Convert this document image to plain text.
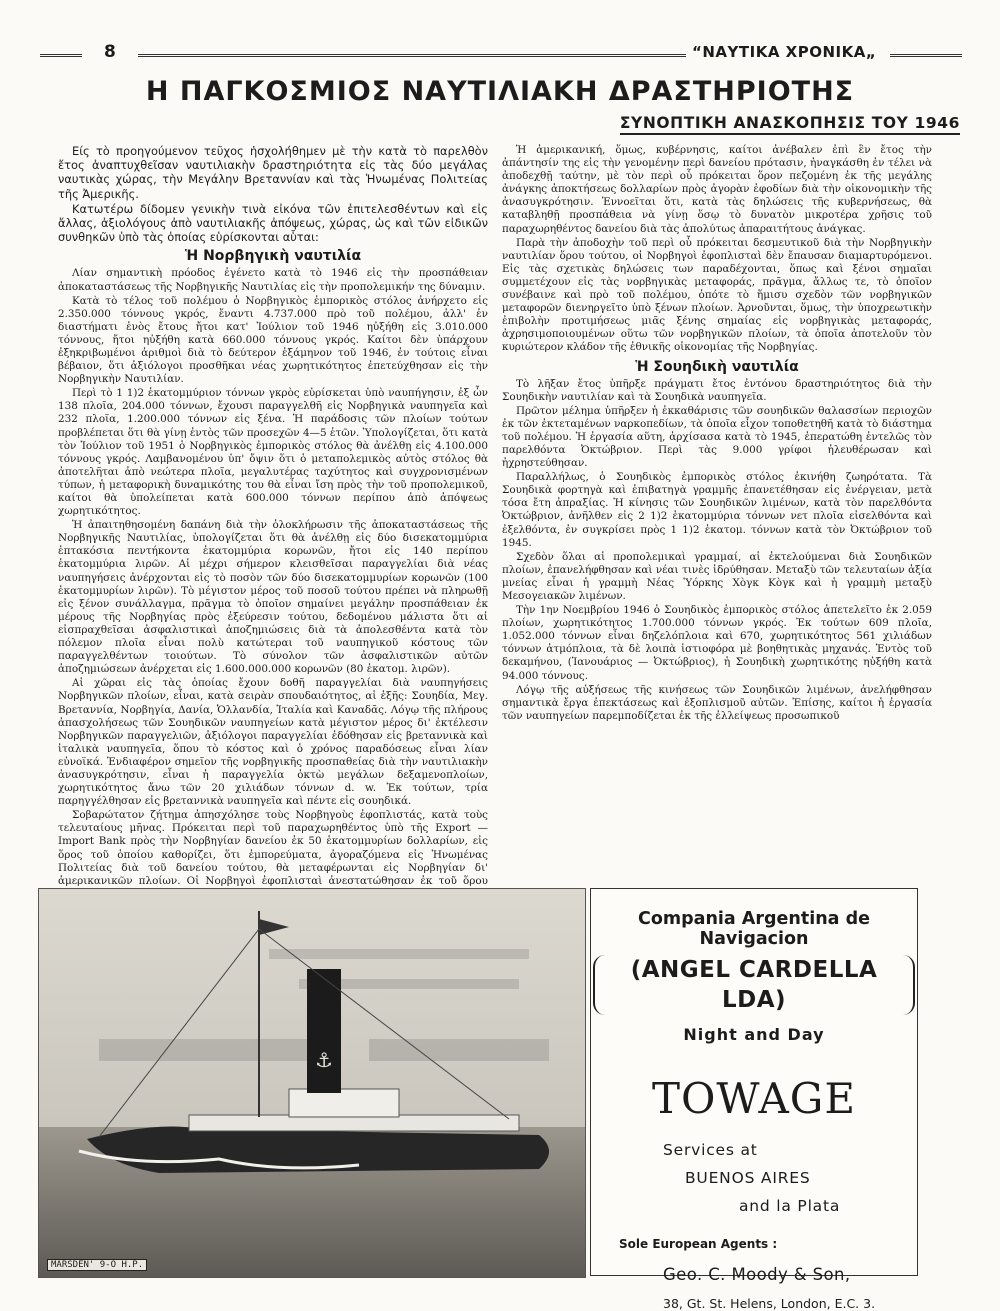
8	“ΝΑΥΤΙΚΑ ΧΡΟΝΙΚΑ„
Η ΠΑΓΚΟΣΜΙΟΣ ΝΑΥΤΙΛΙΑΚΗ ΔΡΑΣΤΗΡΙΟΤΗΣ
ΣΥΝΟΠΤΙΚΗ ΑΝΑΣΚΟΠΗΣΙΣ ΤΟΥ 1946

Είς τὸ προηγούμενον τεῦχος ἠσχολήθημεν μὲ τὴν κατὰ τὸ παρελθὸν ἔτος ἀναπτυχθεῖσαν ναυτιλιακὴν δραστηριότητα εἰς τὰς δύο μεγάλας ναυτικὰς χώρας, τὴν Μεγάλην Βρεταννίαν καὶ τὰς Ἡνωμένας Πολιτείας τῆς Ἀμερικῆς.

Κατωτέρω δίδομεν γενικὴν τινὰ εἰκόνα τῶν ἐπιτελεσθέντων καὶ εἰς ἄλλας, ἀξιολόγους ἀπὸ ναυτιλιακῆς ἀπόψεως, χώρας, ὡς καὶ τῶν εἰδικῶν συνθηκῶν ὑπὸ τὰς ὁποίας εὑρίσκονται αὗται:

Ἡ Νορβηγικὴ ναυτιλία

Λίαν σημαντικὴ πρόοδος ἐγένετο κατὰ τὸ 1946 εἰς τὴν προσπάθειαν ἀποκαταστάσεως τῆς Νορβηγικῆς Ναυτιλίας εἰς τὴν προπολεμικήν της δύναμιν.

Κατὰ τὸ τέλος τοῦ πολέμου ὁ Νορβηγικὸς ἐμπορικὸς στόλος ἀνήρχετο εἰς 2.350.000 τόννους γκρός, ἔναντι 4.737.000 πρὸ τοῦ πολέμου, ἀλλ' ἐν διαστήματι ἑνὸς ἔτους ἤτοι κατ' Ἰούλιον τοῦ 1946 ηὐξήθη εἰς 3.010.000 τόννους, ἤτοι ηὐξήθη κατὰ 660.000 τόννους γκρός. Καίτοι δὲν ὑπάρχουν ἐξηκριβωμένοι ἀριθμοὶ διὰ τὸ δεύτερον ἑξάμηνον τοῦ 1946, ἐν τούτοις εἶναι βέβαιον, ὅτι ἀξιόλογοι προσθῆκαι νέας χωρητικότητος ἐπετεύχθησαν εἰς τὴν Νορβηγικὴν Ναυτιλίαν.

Περὶ τὸ 1 1)2 ἑκατομμύριον τόννων γκρὸς εὑρίσκεται ὑπὸ ναυπήγησιν, ἐξ ὧν 138 πλοῖα, 204.000 τόννων, ἔχουσι παραγγελθῆ εἰς Νορβηγικὰ ναυπηγεῖα καὶ 232 πλοῖα, 1.200.000 τόννων εἰς ξένα. Ἡ παράδοσις τῶν πλοίων τούτων προβλέπεται ὅτι θὰ γίνῃ ἐντὸς τῶν προσεχῶν 4—5 ἐτῶν. Ὑπολογίζεται, ὅτι κατὰ τὸν Ἰούλιον τοῦ 1951 ὁ Νορβηγικὸς ἐμπορικὸς στόλος θὰ ἀνέλθῃ εἰς 4.100.000 τόννους γκρός. Λαμβανομένου ὑπ' ὄψιν ὅτι ὁ μεταπολεμικὸς αὐτὸς στόλος θὰ ἀποτελῆται ἀπὸ νεώτερα πλοῖα, μεγαλυτέρας ταχύτητος καὶ συγχρονισμένων τύπων, ἡ μεταφορικὴ δυναμικότης του θὰ εἶναι ἴση πρὸς τὴν τοῦ προπολεμικοῦ, καίτοι θὰ ὑπολείπεται κατὰ 600.000 τόννων περίπου ἀπὸ ἀπόψεως χωρητικότητος.

Ἡ ἀπαιτηθησομένη δαπάνη διὰ τὴν ὁλοκλήρωσιν τῆς ἀποκαταστάσεως τῆς Νορβηγικῆς Ναυτιλίας, ὑπολογίζεται ὅτι θὰ ἀνέλθῃ εἰς δύο δισεκατομμύρια ἑπτακόσια πεντήκοντα ἑκατομμύρια κορωνῶν, ἤτοι εἰς 140 περίπου ἑκατομμύρια λιρῶν. Αἱ μέχρι σήμερον κλεισθεῖσαι παραγγελίαι διὰ νέας ναυπηγήσεις ἀνέρχονται εἰς τὸ ποσὸν τῶν δύο δισεκατομμυρίων κορωνῶν (100 ἑκατομμυρίων λιρῶν). Τὸ μέγιστον μέρος τοῦ ποσοῦ τούτου πρέπει νὰ πληρωθῇ εἰς ξένον συνάλλαγμα, πρᾶγμα τὸ ὁποῖον σημαίνει μεγάλην προσπάθειαν ἐκ μέρους τῆς Νορβηγίας πρὸς ἐξεύρεσιν τούτου, δεδομένου μάλιστα ὅτι αἱ εἰσπραχθεῖσαι ἀσφαλιστικαὶ ἀποζημιώσεις διὰ τὰ ἀπολεσθέντα κατὰ τὸν πόλεμον πλοῖα εἶναι πολὺ κατώτεραι τοῦ ναυπηγικοῦ κόστους τῶν παραγγελθέντων τοιούτων. Τὸ σύνολον τῶν ἀσφαλιστικῶν αὐτῶν ἀποζημιώσεων ἀνέρχεται εἰς 1.600.000.000 κορωνῶν (80 ἑκατομ. λιρῶν).

Αἱ χῶραι εἰς τὰς ὁποίας ἔχουν δοθῆ παραγγελίαι διὰ ναυπηγήσεις Νορβηγικῶν πλοίων, εἶναι, κατὰ σειρὰν σπουδαιότητος, αἱ ἑξῆς: Σουηδία, Μεγ. Βρεταννία, Νορβηγία, Δανία, Ὁλλανδία, Ἰταλία καὶ Καναδᾶς. Λόγῳ τῆς πλήρους ἀπασχολήσεως τῶν Σουηδικῶν ναυπηγείων κατὰ μέγιστον μέρος δι' ἐκτέλεσιν Νορβηγικῶν παραγγελιῶν, ἀξιόλογοι παραγγελίαι ἐδόθησαν εἰς βρεταννικὰ καὶ ἰταλικὰ ναυπηγεῖα, ὅπου τὸ κόστος καὶ ὁ χρόνος παραδόσεως εἶναι λίαν εὐνοϊκά. Ἐνδιαφέρον σημεῖον τῆς νορβηγικῆς προσπαθείας διὰ τὴν ναυτιλιακὴν ἀνασυγκρότησιν, εἶναι ἡ παραγγελία ὀκτὼ μεγάλων δεξαμενοπλοίων, χωρητικότητος ἄνω τῶν 20 χιλιάδων τόννων d. w. Ἐκ τούτων, τρία παρηγγέλθησαν εἰς βρεταννικὰ ναυπηγεῖα καὶ πέντε εἰς σουηδικά.

Σοβαρώτατον ζήτημα ἀπησχόλησε τοὺς Νορβηγοὺς ἐφοπλιστάς, κατὰ τοὺς τελευταίους μῆνας. Πρόκειται περὶ τοῦ παραχωρηθέντος ὑπὸ τῆς Export — Import Bank πρὸς τὴν Νορβηγίαν δανείου ἐκ 50 ἑκατομμυρίων δολλαρίων, εἰς ὅρος τοῦ ὁποίου καθορίζει, ὅτι ἐμπορεύματα, ἀγοραζόμενα εἰς Ἡνωμένας Πολιτείας διὰ τοῦ δανείου τούτου, θὰ μεταφέρωνται εἰς Νορβηγίαν δι' ἀμερικανικῶν πλοίων. Οἱ Νορβηγοὶ ἐφοπλισταὶ ἀνεστατώθησαν ἐκ τοῦ ὅρου

Ἡ ἀμερικανική, ὅμως, κυβέρνησις, καίτοι ἀνέβαλεν ἐπὶ ἓν ἔτος τὴν ἀπάντησίν της εἰς τὴν γενομένην περὶ δανείου πρότασιν, ἠναγκάσθη ἐν τέλει νὰ ἀποδεχθῇ ταύτην, μὲ τὸν περὶ οὗ πρόκειται ὅρον πεζομένη ἐκ τῆς μεγάλης ἀνάγκης ἀποκτήσεως δολλαρίων πρὸς ἀγορὰν ἐφοδίων διὰ τὴν οἰκονομικὴν τῆς ἀνασυγκρότησιν. Ἐννοεῖται ὅτι, κατὰ τὰς δηλώσεις τῆς κυβερνήσεως, θὰ καταβληθῇ προσπάθεια νὰ γίνῃ ὅσῳ τὸ δυνατὸν μικροτέρα χρῆσις τοῦ παραχωρηθέντος δανείου διὰ τὰς ἀπολύτως ἀπαραιτήτους ἀνάγκας.

Παρὰ τὴν ἀποδοχὴν τοῦ περὶ οὗ πρόκειται δεσμευτικοῦ διὰ τὴν Νορβηγικὴν ναυτιλίαν ὅρου τούτου, οἱ Νορβηγοὶ ἐφοπλισταὶ δὲν ἔπαυσαν διαμαρτυρόμενοι. Εἰς τὰς σχετικὰς δηλώσεις των παραδέχονται, ὅπως καὶ ξένοι σημαῖαι συμμετέχουν εἰς τὰς νορβηγικὰς μεταφοράς, πρᾶγμα, ἄλλως τε, τὸ ὁποῖον συνέβαινε καὶ πρὸ τοῦ πολέμου, ὁπότε τὸ ἥμισυ σχεδὸν τῶν νορβηγικῶν μεταφορῶν διενηργεῖτο ὑπὸ ξένων πλοίων. Ἀρνοῦνται, ὅμως, τὴν ὑποχρεωτικὴν ἐπιβολὴν προτιμήσεως μιᾶς ξένης σημαίας εἰς νορβηγικὰς μεταφοράς, ἀχρησιμοποιουμένων οὕτω τῶν νορβηγικῶν πλοίων, τὰ ὁποῖα ἀποτελοῦν τὸν κυριώτερον κλάδον τῆς ἐθνικῆς οἰκονομίας τῆς Νορβηγίας.

Ἡ Σουηδικὴ ναυτιλία

Τὸ λῆξαν ἔτος ὑπῆρξε πράγματι ἔτος ἐντόνου δραστηριότητος διὰ τὴν Σουηδικὴν ναυτιλίαν καὶ τὰ Σουηδικὰ ναυπηγεῖα.

Πρῶτον μέλημα ὑπῆρξεν ἡ ἐκκαθάρισις τῶν σουηδικῶν θαλασσίων περιοχῶν ἐκ τῶν ἐκτεταμένων ναρκοπεδίων, τὰ ὁποῖα εἶχον τοποθετηθῆ κατὰ τὸ διάστημα τοῦ πολέμου. Ἡ ἐργασία αὕτη, ἀρχίσασα κατὰ τὸ 1945, ἐπερατώθη ἐντελῶς τὸν παρελθόντα Ὀκτώβριον. Περὶ τὰς 9.000 γρίφοι ἠλευθέρωσαν καὶ ἠχρηστεύθησαν.

Παραλλήλως, ὁ Σουηδικὸς ἐμπορικὸς στόλος ἐκινήθη ζωηρότατα. Τὰ Σουηδικὰ φορτηγὰ καὶ ἐπιβατηγὰ γραμμῆς ἐπανετέθησαν εἰς ἐνέργειαν, μετὰ τόσα ἔτη ἀπραξίας. Ἡ κίνησις τῶν Σουηδικῶν λιμένων, κατὰ τὸν παρελθόντα Ὀκτώβριον, ἀνῆλθεν εἰς 2 1)2 ἑκατομμύρια τόννων νετ πλοῖα εἰσελθόντα καὶ ἐξελθόντα, ἐν συγκρίσει πρὸς 1 1)2 ἑκατομ. τόννων κατὰ τὸν Ὀκτώβριον τοῦ 1945.

Σχεδὸν ὅλαι αἱ προπολεμικαὶ γραμμαί, αἱ ἐκτελούμεναι διὰ Σουηδικῶν πλοίων, ἐπανελήφθησαν καὶ νέαι τινὲς ἱδρύθησαν. Μεταξὺ τῶν τελευταίων ἀξία μνείας εἶναι ἡ γραμμὴ Νέας Ὑόρκης Χὸγκ Κὸγκ καὶ ἡ γραμμὴ μεταξὺ Μεσογειακῶν λιμένων.

Τὴν 1ην Νοεμβρίου 1946 ὁ Σουηδικὸς ἐμπορικὸς στόλος ἀπετελεῖτο ἐκ 2.059 πλοίων, χωρητικότητος 1.700.000 τόννων γκρός. Ἐκ τούτων 609 πλοῖα, 1.052.000 τόννων εἶναι δηζελόπλοια καὶ 670, χωρητικότητος 561 χιλιάδων τόννων ἀτμόπλοια, τὰ δὲ λοιπὰ ἱστιοφόρα μὲ βοηθητικὰς μηχανάς. Ἐντὸς τοῦ δεκαμήνου, (Ἰανουάριος — Ὀκτώβριος), ἡ Σουηδικὴ χωρητικότης ηὐξήθη κατὰ 94.000 τόννους.

Λόγῳ τῆς αὐξήσεως τῆς κινήσεως τῶν Σουηδικῶν λιμένων, ἀνελήφθησαν σημαντικὰ ἔργα ἐπεκτάσεως καὶ ἐξοπλισμοῦ αὐτῶν. Ἐπίσης, καίτοι ἡ ἐργασία τῶν ναυπηγείων παρεμποδίζεται ἐκ τῆς ἐλλείψεως προσωπικοῦ

⚓
MARSDEN' 9-O H.P.
Compania Argentina de Navigacion
(ANGEL CARDELLA LDA)
Night and Day
TOWAGE
Services at
BUENOS AIRES
and la Plata
Sole European Agents :
Geo. C. Moody & Son,
38, Gt. St. Helens, London, E.C. 3.
